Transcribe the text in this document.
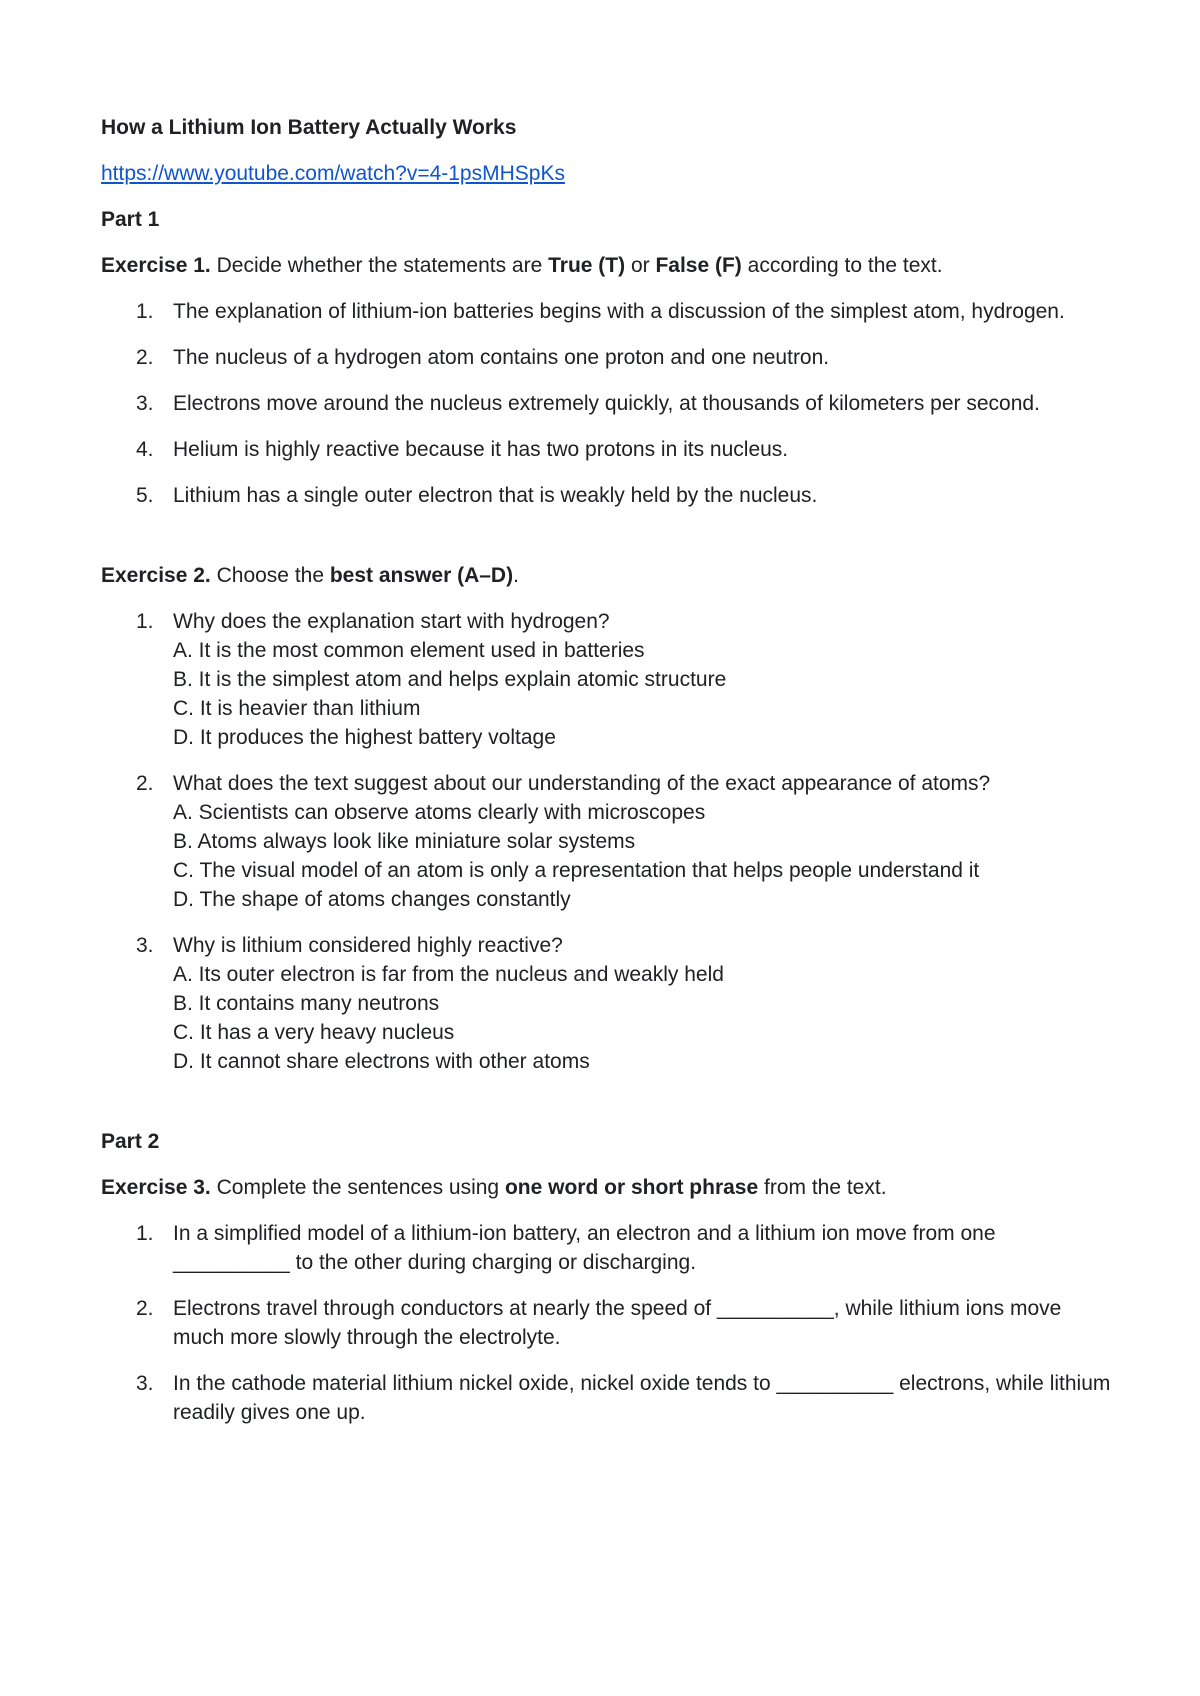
How a Lithium Ion Battery Actually Works
https://www.youtube.com/watch?v=4-1psMHSpKs
Part 1
Exercise 1. Decide whether the statements are True (T) or False (F) according to the text.
1. The explanation of lithium-ion batteries begins with a discussion of the simplest atom, hydrogen.
2. The nucleus of a hydrogen atom contains one proton and one neutron.
3. Electrons move around the nucleus extremely quickly, at thousands of kilometers per second.
4. Helium is highly reactive because it has two protons in its nucleus.
5. Lithium has a single outer electron that is weakly held by the nucleus.
Exercise 2. Choose the best answer (A–D).
1. Why does the explanation start with hydrogen?
A. It is the most common element used in batteries
B. It is the simplest atom and helps explain atomic structure
C. It is heavier than lithium
D. It produces the highest battery voltage
2. What does the text suggest about our understanding of the exact appearance of atoms?
A. Scientists can observe atoms clearly with microscopes
B. Atoms always look like miniature solar systems
C. The visual model of an atom is only a representation that helps people understand it
D. The shape of atoms changes constantly
3. Why is lithium considered highly reactive?
A. Its outer electron is far from the nucleus and weakly held
B. It contains many neutrons
C. It has a very heavy nucleus
D. It cannot share electrons with other atoms
Part 2
Exercise 3. Complete the sentences using one word or short phrase from the text.
1. In a simplified model of a lithium-ion battery, an electron and a lithium ion move from one __________ to the other during charging or discharging.
2. Electrons travel through conductors at nearly the speed of __________, while lithium ions move much more slowly through the electrolyte.
3. In the cathode material lithium nickel oxide, nickel oxide tends to __________ electrons, while lithium readily gives one up.
